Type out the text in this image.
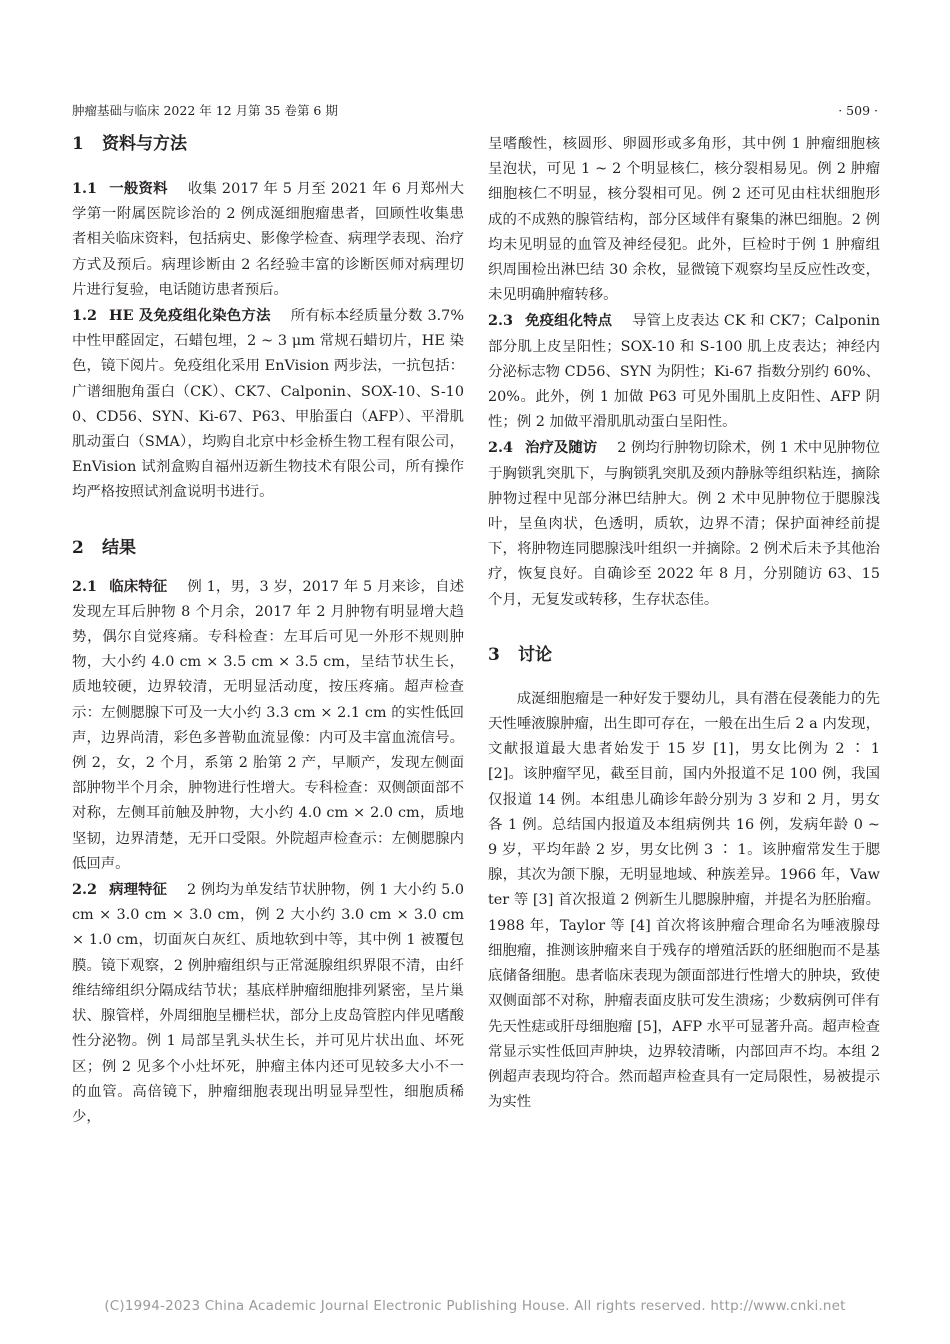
肿瘤基础与临床 2022 年 12 月第 35 卷第 6 期	· 509 ·
1 资料与方法

1.1 一般资料 收集 2017 年 5 月至 2021 年 6 月郑州大学第一附属医院诊治的 2 例成涎细胞瘤患者，回顾性收集患者相关临床资料，包括病史、影像学检查、病理学表现、治疗方式及预后。病理诊断由 2 名经验丰富的诊断医师对病理切片进行复验，电话随访患者预后。

1.2 HE 及免疫组化染色方法 所有标本经质量分数 3.7% 中性甲醛固定，石蜡包埋，2 ~ 3 μm 常规石蜡切片，HE 染色，镜下阅片。免疫组化采用 EnVision 两步法，一抗包括：广谱细胞角蛋白（CK）、CK7、Calponin、SOX-10、S-100、CD56、SYN、Ki-67、P63、甲胎蛋白（AFP）、平滑肌肌动蛋白（SMA），均购自北京中杉金桥生物工程有限公司，EnVision 试剂盒购自福州迈新生物技术有限公司，所有操作均严格按照试剂盒说明书进行。

2 结果

2.1 临床特征 例 1，男，3 岁，2017 年 5 月来诊，自述发现左耳后肿物 8 个月余，2017 年 2 月肿物有明显增大趋势，偶尔自觉疼痛。专科检查：左耳后可见一外形不规则肿物，大小约 4.0 cm × 3.5 cm × 3.5 cm，呈结节状生长，质地较硬，边界较清，无明显活动度，按压疼痛。超声检查示：左侧腮腺下可及一大小约 3.3 cm × 2.1 cm 的实性低回声，边界尚清，彩色多普勒血流显像：内可及丰富血流信号。例 2，女，2 个月，系第 2 胎第 2 产，早顺产，发现左侧面部肿物半个月余，肿物进行性增大。专科检查：双侧颌面部不对称，左侧耳前触及肿物，大小约 4.0 cm × 2.0 cm，质地坚韧，边界清楚，无开口受限。外院超声检查示：左侧腮腺内低回声。

2.2 病理特征 2 例均为单发结节状肿物，例 1 大小约 5.0 cm × 3.0 cm × 3.0 cm，例 2 大小约 3.0 cm × 3.0 cm × 1.0 cm，切面灰白灰红、质地软到中等，其中例 1 被覆包膜。镜下观察，2 例肿瘤组织与正常涎腺组织界限不清，由纤维结缔组织分隔成结节状；基底样肿瘤细胞排列紧密，呈片巢状、腺管样，外周细胞呈栅栏状，部分上皮岛管腔内伴见嗜酸性分泌物。例 1 局部呈乳头状生长，并可见片状出血、坏死区；例 2 见多个小灶坏死，肿瘤主体内还可见较多大小不一的血管。高倍镜下，肿瘤细胞表现出明显异型性，细胞质稀少，

呈嗜酸性，核圆形、卵圆形或多角形，其中例 1 肿瘤细胞核呈泡状，可见 1 ~ 2 个明显核仁，核分裂相易见。例 2 肿瘤细胞核仁不明显，核分裂相可见。例 2 还可见由柱状细胞形成的不成熟的腺管结构，部分区域伴有聚集的淋巴细胞。2 例均未见明显的血管及神经侵犯。此外，巨检时于例 1 肿瘤组织周围检出淋巴结 30 余枚，显微镜下观察均呈反应性改变，未见明确肿瘤转移。

2.3 免疫组化特点 导管上皮表达 CK 和 CK7；Calponin 部分肌上皮呈阳性；SOX-10 和 S-100 肌上皮表达；神经内分泌标志物 CD56、SYN 为阴性；Ki-67 指数分别约 60%、20%。此外，例 1 加做 P63 可见外围肌上皮阳性、AFP 阴性；例 2 加做平滑肌肌动蛋白呈阳性。

2.4 治疗及随访 2 例均行肿物切除术，例 1 术中见肿物位于胸锁乳突肌下，与胸锁乳突肌及颈内静脉等组织粘连，摘除肿物过程中见部分淋巴结肿大。例 2 术中见肿物位于腮腺浅叶，呈鱼肉状，色透明，质软，边界不清；保护面神经前提下，将肿物连同腮腺浅叶组织一并摘除。2 例术后未予其他治疗，恢复良好。自确诊至 2022 年 8 月，分别随访 63、15 个月，无复发或转移，生存状态佳。

3 讨论

成涎细胞瘤是一种好发于婴幼儿，具有潜在侵袭能力的先天性唾液腺肿瘤，出生即可存在，一般在出生后 2 a 内发现，文献报道最大患者始发于 15 岁 [1]，男女比例为 2 ∶ 1 [2]。该肿瘤罕见，截至目前，国内外报道不足 100 例，我国仅报道 14 例。本组患儿确诊年龄分别为 3 岁和 2 月，男女各 1 例。总结国内报道及本组病例共 16 例，发病年龄 0 ~ 9 岁，平均年龄 2 岁，男女比例 3 ∶ 1。该肿瘤常发生于腮腺，其次为颌下腺，无明显地域、种族差异。1966 年，Vawter 等 [3] 首次报道 2 例新生儿腮腺肿瘤，并提名为胚胎瘤。1988 年，Taylor 等 [4] 首次将该肿瘤合理命名为唾液腺母细胞瘤，推测该肿瘤来自于残存的增殖活跃的胚细胞而不是基底储备细胞。患者临床表现为颌面部进行性增大的肿块，致使双侧面部不对称，肿瘤表面皮肤可发生溃疡；少数病例可伴有先天性痣或肝母细胞瘤 [5]，AFP 水平可显著升高。超声检查常显示实性低回声肿块，边界较清晰，内部回声不均。本组 2 例超声表现均符合。然而超声检查具有一定局限性，易被提示为实性

(C)1994-2023 China Academic Journal Electronic Publishing House. All rights reserved. http://www.cnki.net
